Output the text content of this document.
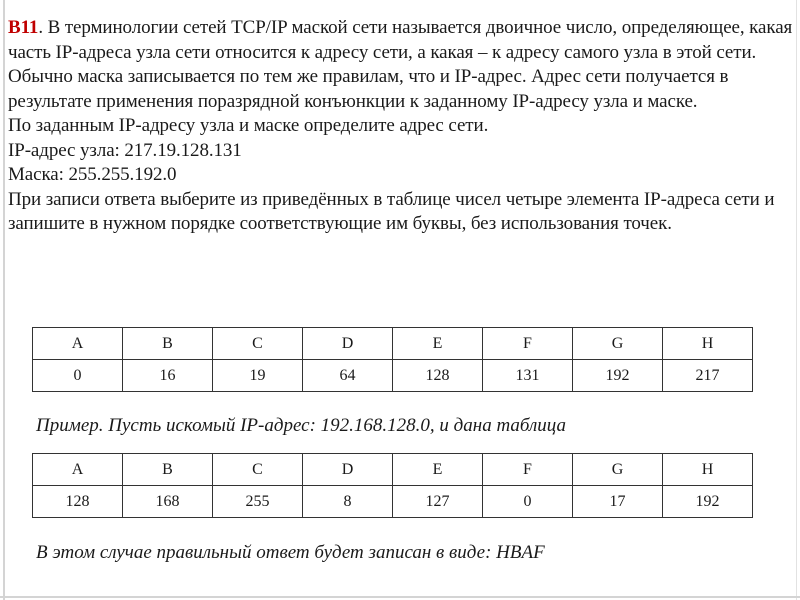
B11. В терминологии сетей TCP/IP маской сети называется двоичное число, определяющее, какая часть IP-адреса узла сети относится к адресу сети, а какая – к адресу самого узла в этой сети. Обычно маска записывается по тем же правилам, что и IP-адрес. Адрес сети получается в результате применения поразрядной конъюнкции к заданному IP-адресу узла и маске.

По заданным IP-адресу узла и маске определите адрес сети.

IP-адрес узла: 217.19.128.131

Маска: 255.255.192.0

При записи ответа выберите из приведённых в таблице чисел четыре элемента IP-адреса сети и запишите в нужном порядке соответствующие им буквы, без использования точек.

A	B	C	D	E	F	G	H
0	16	19	64	128	131	192	217
Пример. Пусть искомый IP-адрес: 192.168.128.0, и дана таблица
A	B	C	D	E	F	G	H
128	168	255	8	127	0	17	192
В этом случае правильный ответ будет записан в виде: HBAF
